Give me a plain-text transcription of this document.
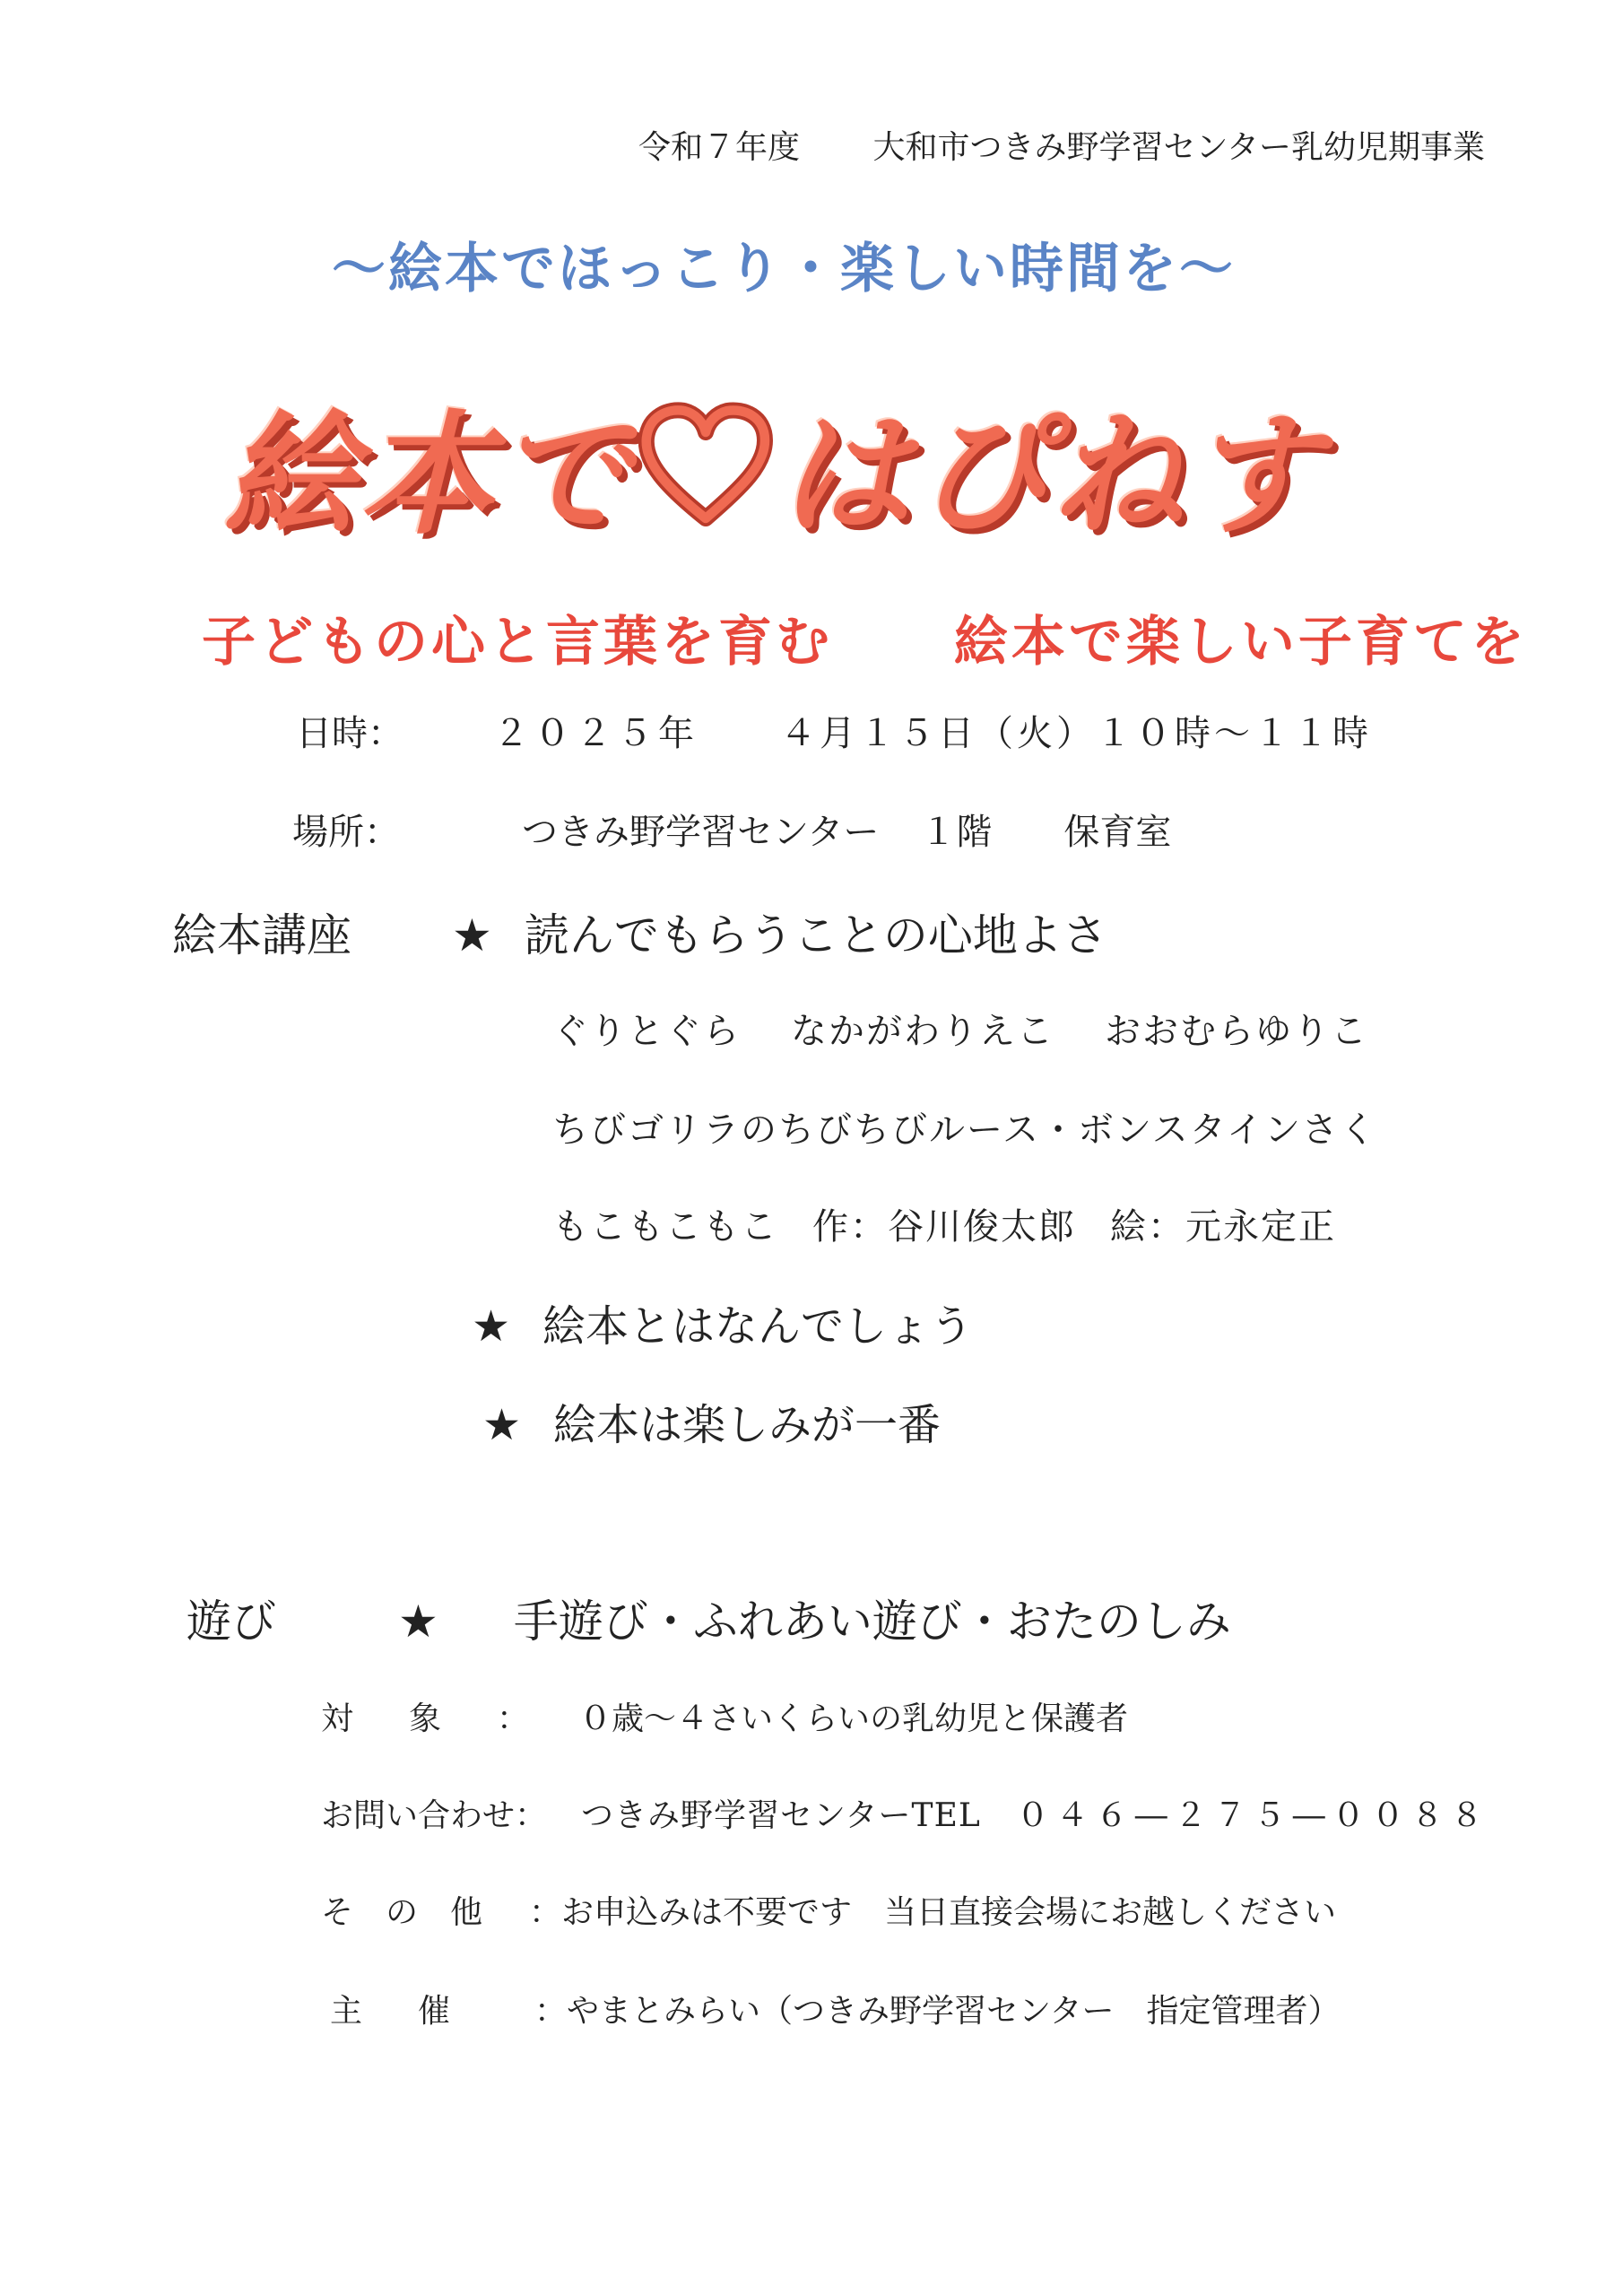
令和７年度 大和市つきみ野学習センター乳幼児期事業
～絵本でほっこり・楽しい時間を～
絵本で はぴねす
子どもの心と言葉を育む 絵本で楽しい子育てを
日時：	２０２５年 ４月１５日（火）１０時～１１時
場所：	つきみ野学習センター １階 保育室
絵本講座	★ 読んでもらうことの心地よさ
ぐりとぐら なかがわりえこ おおむらゆりこ
ちびゴリラのちびちびルース・ボンスタインさく
もこもこもこ 作：谷川俊太郎 絵：元永定正
★ 絵本とはなんでしょう
★ 絵本は楽しみが一番
遊び	★ 手遊び・ふれあい遊び・おたのしみ
対象：
０歳～４さいくらいの乳幼児と保護者
お問い合わせ：	つきみ野学習センターTEL ０４６―２７５―００８８
その他 ：お申込みは不要です 当日直接会場にお越しください
主催 ：やまとみらい（つきみ野学習センター　指定管理者）
